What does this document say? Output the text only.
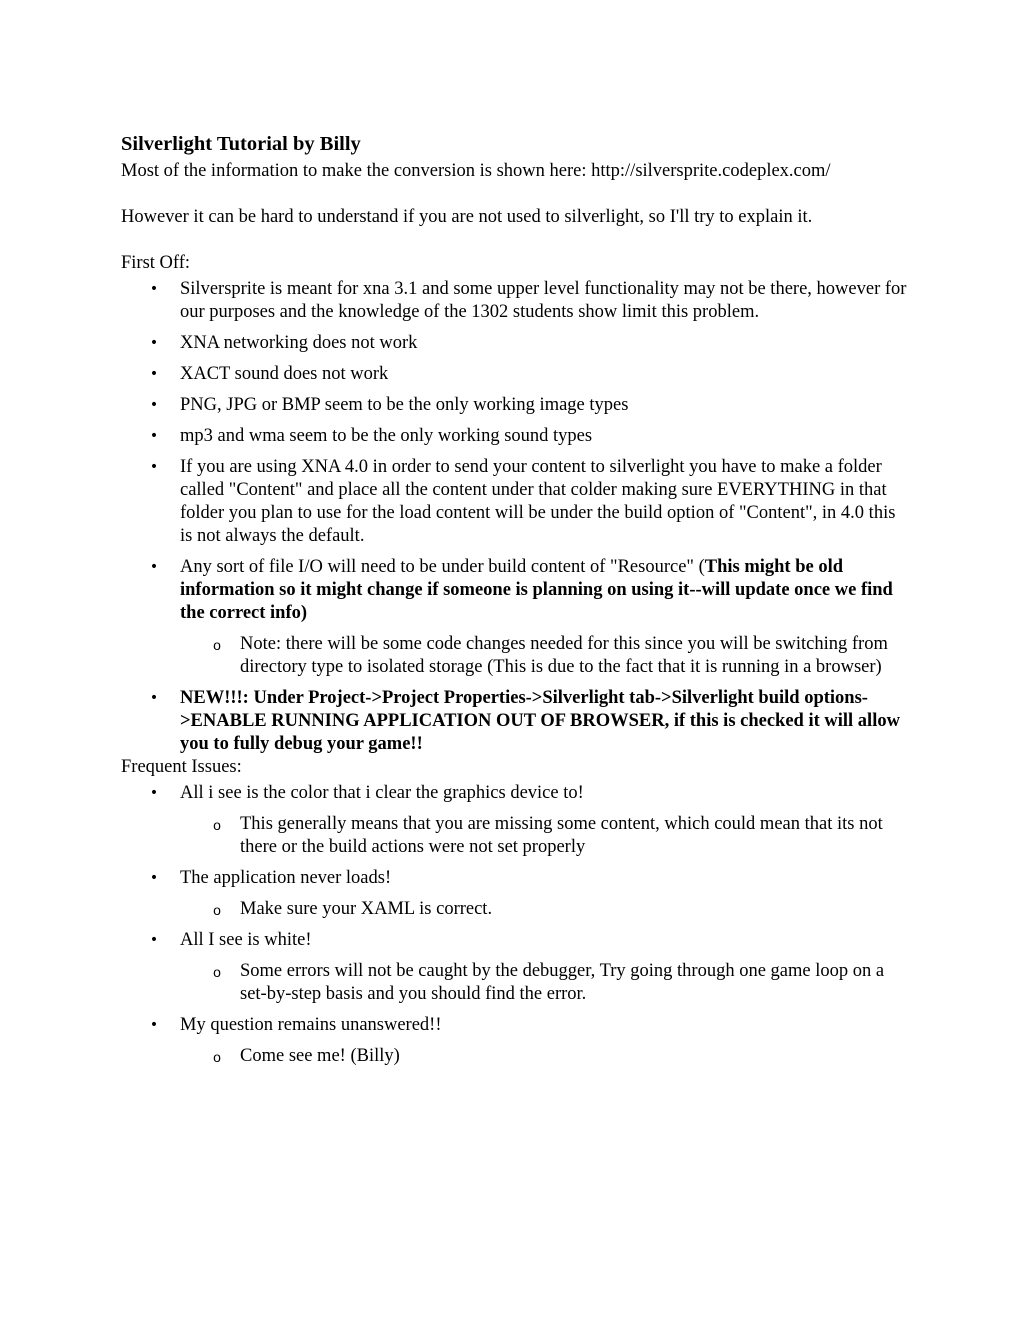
Silverlight Tutorial by Billy

Most of the information to make the conversion is shown here: http://silversprite.codeplex.com/

However it can be hard to understand if you are not used to silverlight, so I'll try to explain it.

First Off:

• Silversprite is meant for xna 3.1 and some upper level functionality may not be there, however for our purposes and the knowledge of the 1302 students show limit this problem.
• XNA networking does not work
• XACT sound does not work
• PNG, JPG or BMP seem to be the only working image types
• mp3 and wma seem to be the only working sound types
• If you are using XNA 4.0 in order to send your content to silverlight you have to make a folder called "Content" and place all the content under that colder making sure EVERYTHING in that folder you plan to use for the load content will be under the build option of "Content", in 4.0 this is not always the default.
• Any sort of file I/O will need to be under build content of "Resource" (This might be old information so it might change if someone is planning on using it--will update once we find the correct info)
o Note: there will be some code changes needed for this since you will be switching from directory type to isolated storage (This is due to the fact that it is running in a browser)
• NEW!!!: Under Project->Project Properties->Silverlight tab->Silverlight build options->ENABLE RUNNING APPLICATION OUT OF BROWSER, if this is checked it will allow you to fully debug your game!!

Frequent Issues:

• All i see is the color that i clear the graphics device to!
o This generally means that you are missing some content, which could mean that its not there or the build actions were not set properly
• The application never loads!
o Make sure your XAML is correct.
• All I see is white!
o Some errors will not be caught by the debugger, Try going through one game loop on a set-by-step basis and you should find the error.
• My question remains unanswered!!
o Come see me! (Billy)
